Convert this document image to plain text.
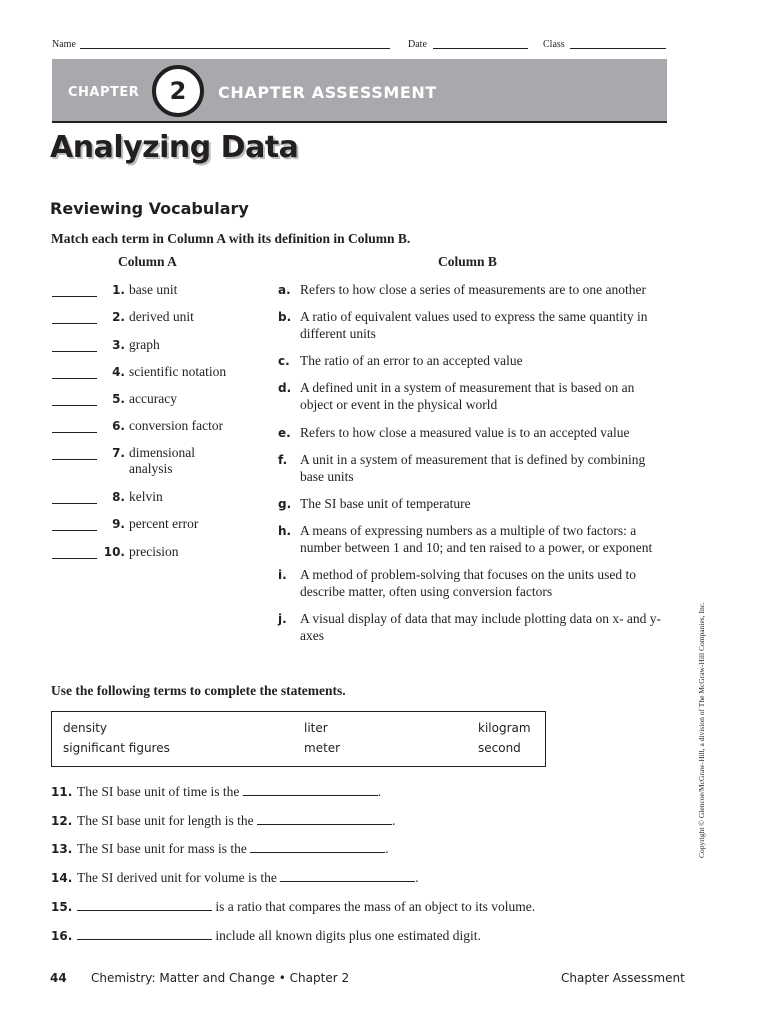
Name	Date	Class
CHAPTER 2 CHAPTER ASSESSMENT
Analyzing Data
Reviewing Vocabulary
Match each term in Column A with its definition in Column B.
Column A	Column B
1. base unit
2. derived unit
3. graph
4. scientific notation
5. accuracy
6. conversion factor
7. dimensional analysis
8. kelvin
9. percent error
10. precision
a. Refers to how close a series of measurements are to one another
b. A ratio of equivalent values used to express the same quantity in different units
c. The ratio of an error to an accepted value
d. A defined unit in a system of measurement that is based on an object or event in the physical world
e. Refers to how close a measured value is to an accepted value
f. A unit in a system of measurement that is defined by combining base units
g. The SI base unit of temperature
h. A means of expressing numbers as a multiple of two factors: a number between 1 and 10; and ten raised to a power, or exponent
i. A method of problem-solving that focuses on the units used to describe matter, often using conversion factors
j. A visual display of data that may include plotting data on x- and y-axes
Use the following terms to complete the statements.
density	liter	kilogram
significant figures	meter	second
11. The SI base unit of time is the	.
12. The SI base unit for length is the	.
13. The SI base unit for mass is the	.
14. The SI derived unit for volume is the	.
15.	is a ratio that compares the mass of an object to its volume.
16.	include all known digits plus one estimated digit.
Copyright © Glencoe/McGraw-Hill, a division of The McGraw-Hill Companies, Inc.
44 Chemistry: Matter and Change • Chapter 2	Chapter Assessment
